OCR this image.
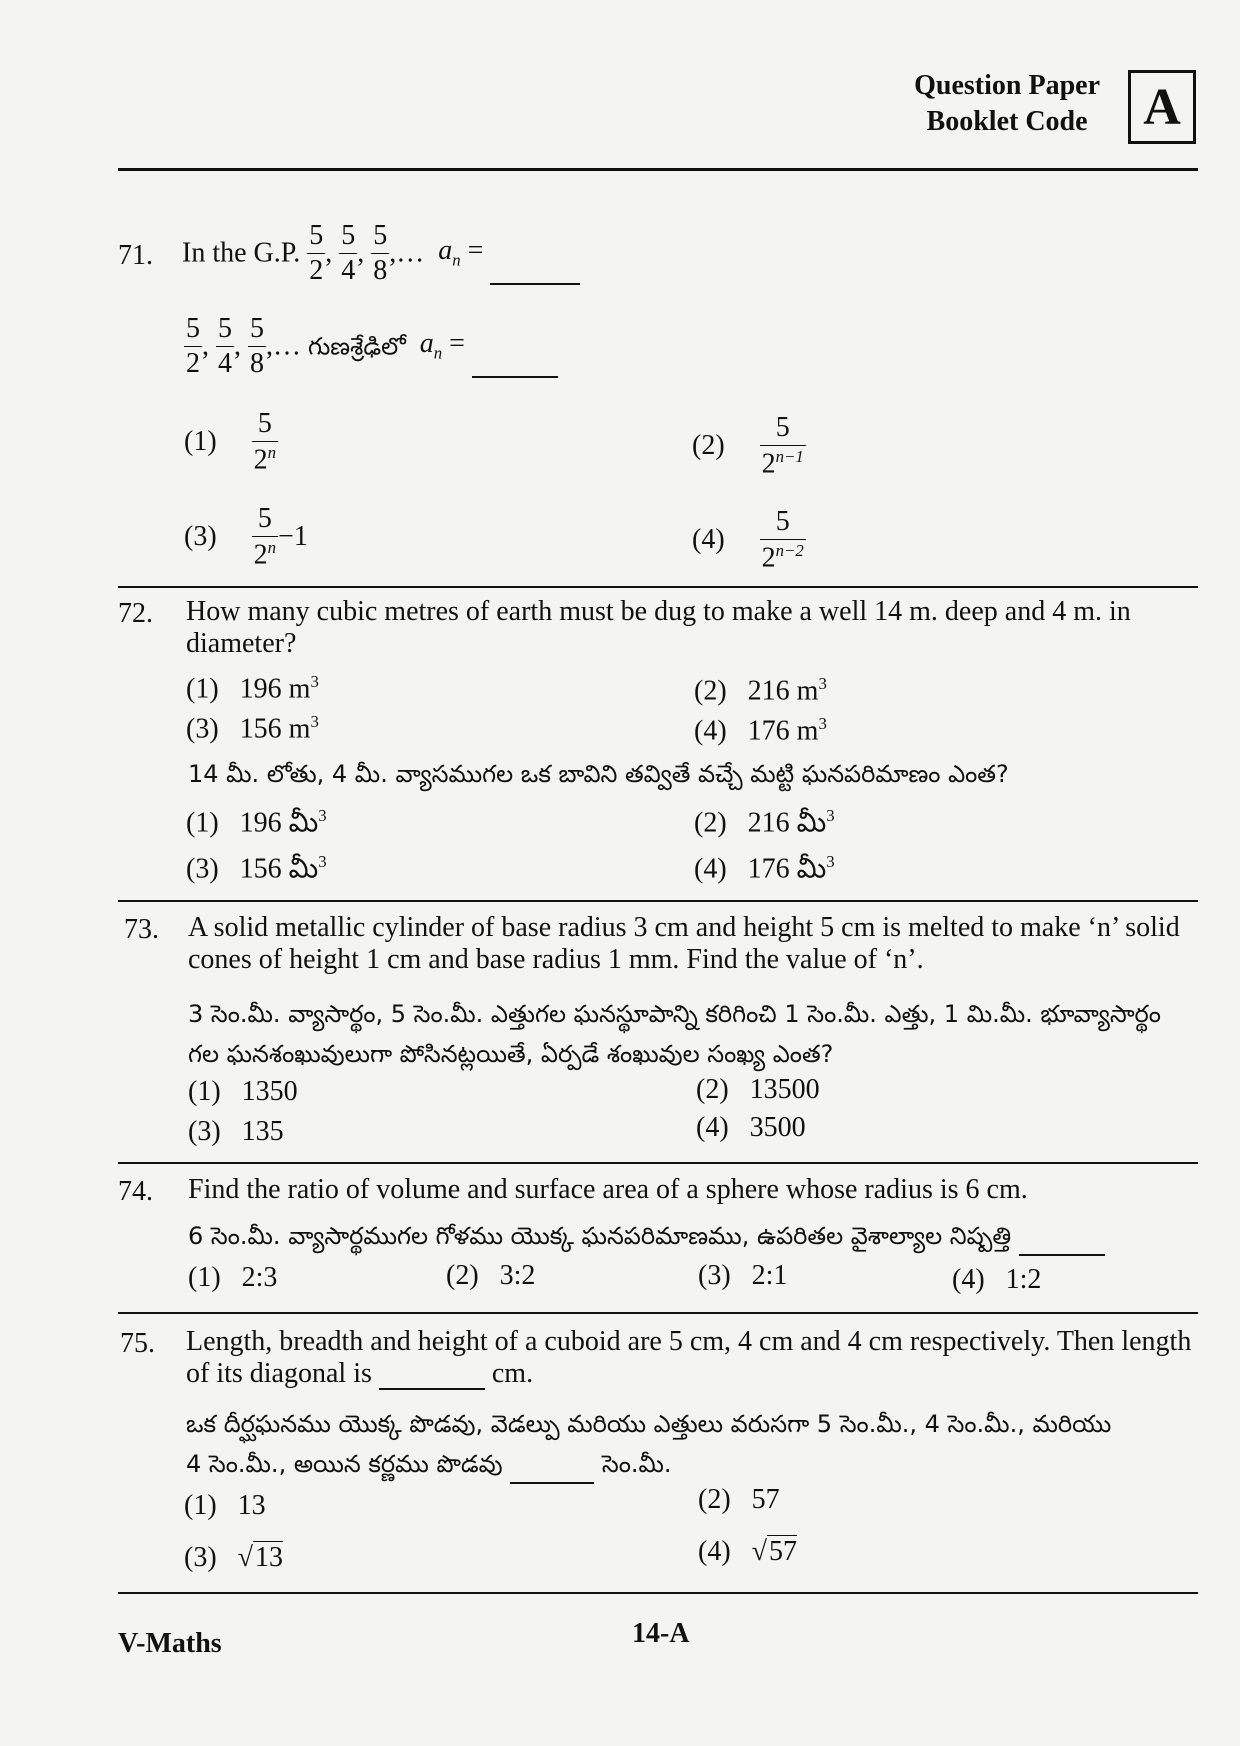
Question Paper
Booklet Code A
71. In the G.P. $\frac{5}{2}$ , $\frac{5}{4}$ , $\frac{5}{8}$ ,… $a_n$ =
$\frac{5}{2}$ , $\frac{5}{4}$ , $\frac{5}{8}$ ,… గుణశ్రేఢిలో $a_n$ =
$(1) \frac{5}{2^n}$	$(2) \frac{5}{2^{n-1}}$
$(3) \frac{5}{2^n} -1$	$(4) \frac{5}{2^{n-2}}$
72. How many cubic metres of earth must be dug to make a well 14 m. deep and 4 m. in
diameter?
(1) 196 $m^3$	(2) 216 $m^3$
(3) 156 $m^3$	(4) 176 $m^3$
14 మీ. లోతు, 4 మీ. వ్యాసముగల ఒక బావిని తవ్వితే వచ్చే మట్టి ఘనపరిమాణం ఎంత?
(1) 196 మీ$^3$	(2) 216 మీ$^3$
(3) 156 మీ$^3$	(4) 176 మీ$^3$
73. A solid metallic cylinder of base radius 3 cm and height 5 cm is melted to make ‘n’ solid
cones of height 1 cm and base radius 1 mm. Find the value of ‘n’.
3 సెం.మీ. వ్యాసార్థం, 5 సెం.మీ. ఎత్తుగల ఘనస్థూపాన్ని కరిగించి 1 సెం.మీ. ఎత్తు, 1 మి.మీ. భూవ్యాసార్థం
గల ఘనశంఖువులుగా పోసినట్లయితే, ఏర్పడే శంఖువుల సంఖ్య ఎంత?
(1) 1350	(2) 13500
(3) 135	(4) 3500
74. Find the ratio of volume and surface area of a sphere whose radius is 6 cm.
6 సెం.మీ. వ్యాసార్థముగల గోళము యొక్క ఘనపరిమాణము, ఉపరితల వైశాల్యాల నిష్పత్తి
(1) 2:3	(2) 3:2	(3) 2:1	(4) 1:2
75. Length, breadth and height of a cuboid are 5 cm, 4 cm and 4 cm respectively. Then length
of its diagonal is	cm.
ఒక దీర్ఘఘనము యొక్క పొడవు, వెడల్పు మరియు ఎత్తులు వరుసగా 5 సెం.మీ., 4 సెం.మీ., మరియు
4 సెం.మీ., అయిన కర్ణము పొడవు	సెం.మీ.
(1) 13	(2) 57
(3) √13	(4) √57
V-Maths	14-A
